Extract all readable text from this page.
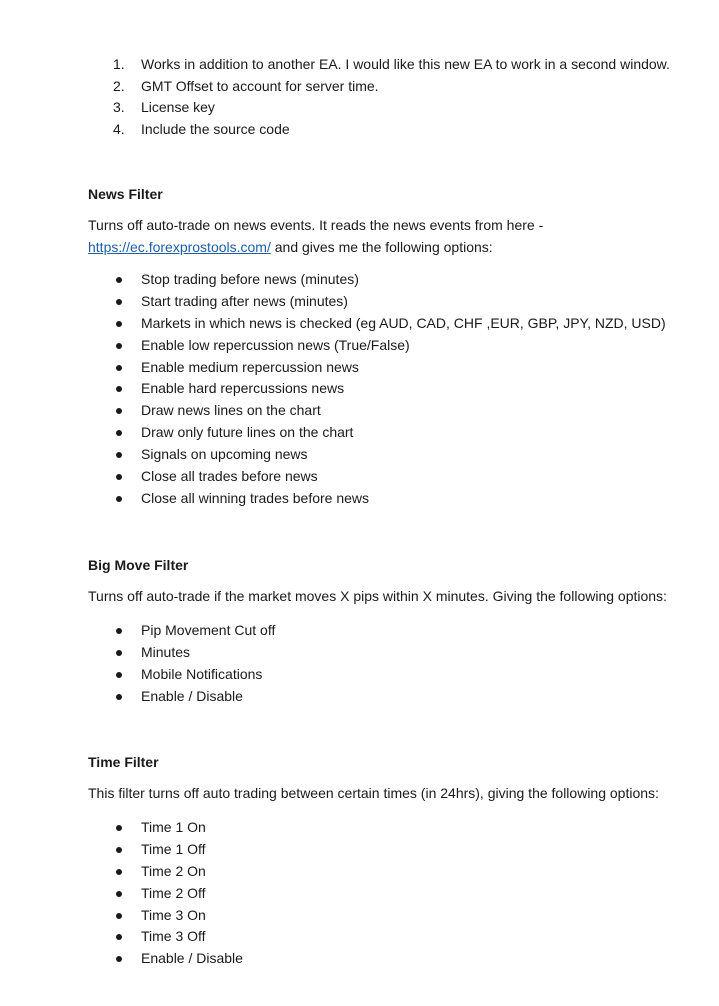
1.	Works in addition to another EA. I would like this new EA to work in a second window.
2.	GMT Offset to account for server time.
3.	License key
4.	Include the source code
News Filter
Turns off auto-trade on news events. It reads the news events from here -
https://ec.forexprostools.com/ and gives me the following options:
Stop trading before news (minutes)
Start trading after news (minutes)
Markets in which news is checked (eg AUD, CAD, CHF ,EUR, GBP, JPY, NZD, USD)
Enable low repercussion news (True/False)
Enable medium repercussion news
Enable hard repercussions news
Draw news lines on the chart
Draw only future lines on the chart
Signals on upcoming news
Close all trades before news
Close all winning trades before news
Big Move Filter
Turns off auto-trade if the market moves X pips within X minutes. Giving the following options:
Pip Movement Cut off
Minutes
Mobile Notifications
Enable / Disable
Time Filter
This filter turns off auto trading between certain times (in 24hrs), giving the following options:
Time 1 On
Time 1 Off
Time 2 On
Time 2 Off
Time 3 On
Time 3 Off
Enable / Disable
